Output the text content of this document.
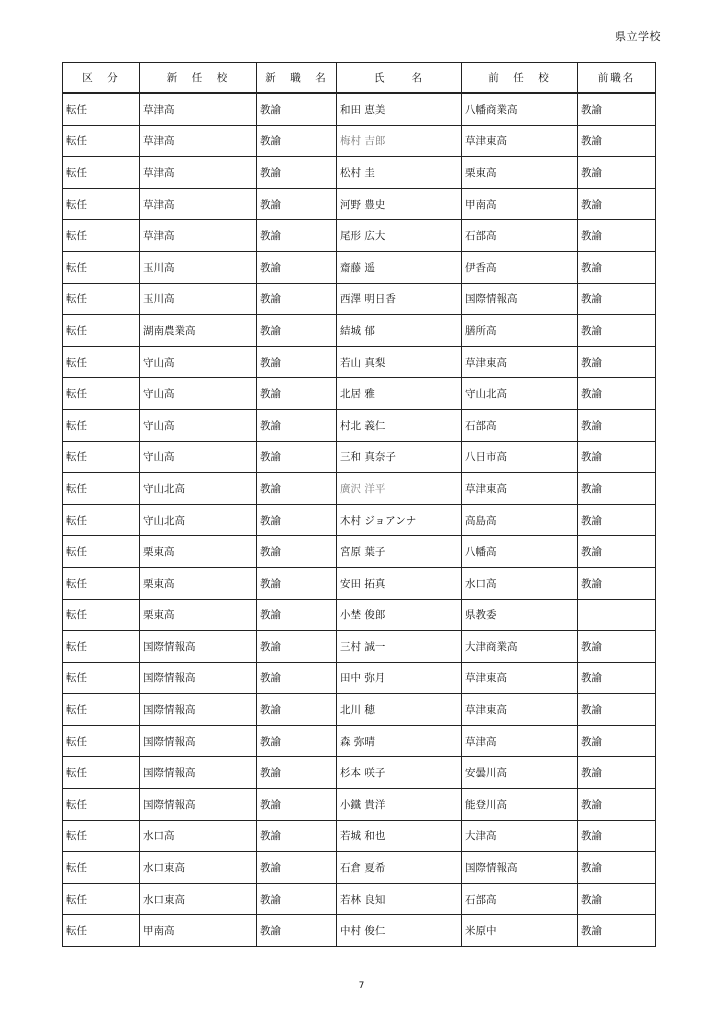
県立学校
区　分	新　任　校	新　職　名	氏　　名	前　任　校	前職名
転任	草津高	教諭	和田 恵美	八幡商業高	教諭
転任	草津高	教諭	梅村 吉郎	草津東高	教諭
転任	草津高	教諭	松村 圭	栗東高	教諭
転任	草津高	教諭	河野 豊史	甲南高	教諭
転任	草津高	教諭	尾形 広大	石部高	教諭
転任	玉川高	教諭	齋藤 遥	伊香高	教諭
転任	玉川高	教諭	西澤 明日香	国際情報高	教諭
転任	湖南農業高	教諭	結城 郁	膳所高	教諭
転任	守山高	教諭	若山 真梨	草津東高	教諭
転任	守山高	教諭	北居 雅	守山北高	教諭
転任	守山高	教諭	村北 義仁	石部高	教諭
転任	守山高	教諭	三和 真奈子	八日市高	教諭
転任	守山北高	教諭	廣沢 洋平	草津東高	教諭
転任	守山北高	教諭	木村 ジョアンナ	高島高	教諭
転任	栗東高	教諭	宮原 葉子	八幡高	教諭
転任	栗東高	教諭	安田 拓真	水口高	教諭
転任	栗東高	教諭	小埜 俊郎	県教委	
転任	国際情報高	教諭	三村 誠一	大津商業高	教諭
転任	国際情報高	教諭	田中 弥月	草津東高	教諭
転任	国際情報高	教諭	北川 穂	草津東高	教諭
転任	国際情報高	教諭	森 弥晴	草津高	教諭
転任	国際情報高	教諭	杉本 咲子	安曇川高	教諭
転任	国際情報高	教諭	小鐵 貴洋	能登川高	教諭
転任	水口高	教諭	若城 和也	大津高	教諭
転任	水口東高	教諭	石倉 夏希	国際情報高	教諭
転任	水口東高	教諭	若林 良知	石部高	教諭
転任	甲南高	教諭	中村 俊仁	米原中	教諭
7
